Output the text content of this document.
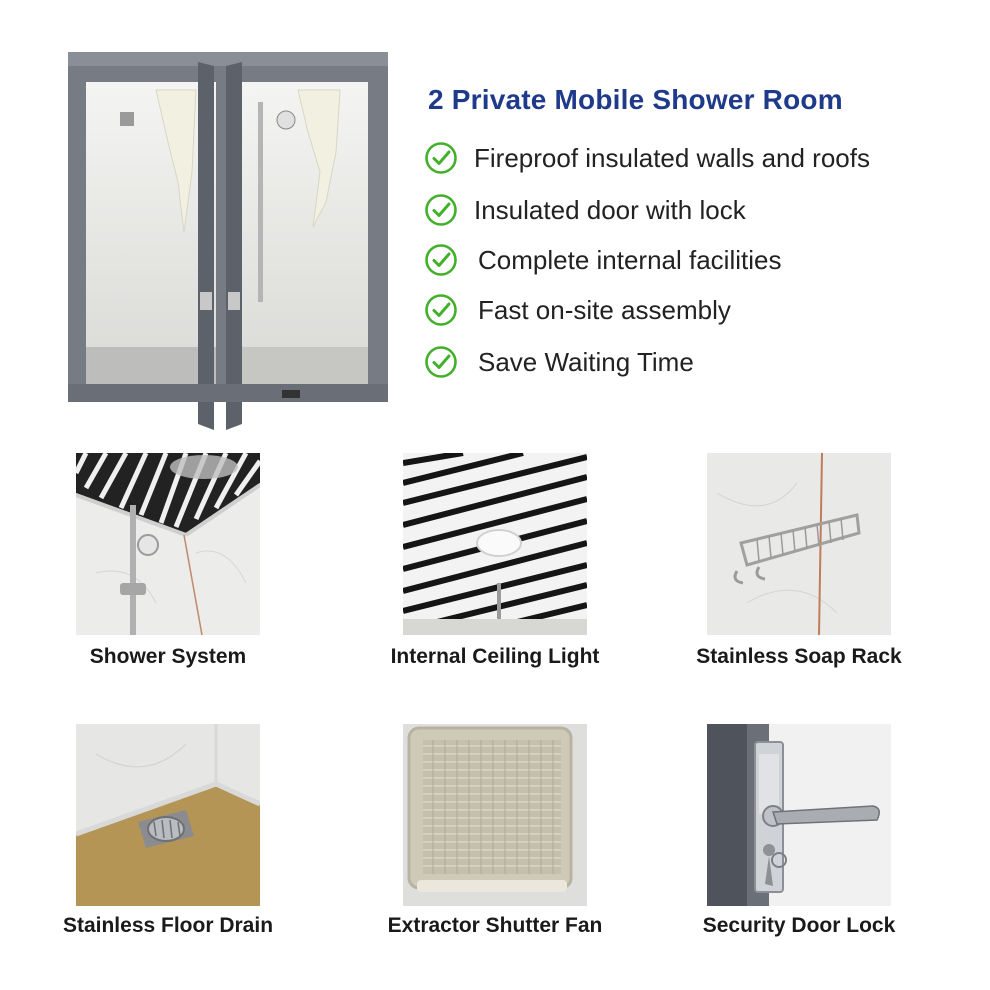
2 Private Mobile Shower Room
Fireproof insulated walls and roofs
Insulated door with lock
Complete internal facilities
Fast on-site assembly
Save Waiting Time
Shower System	Internal Ceiling Light	Stainless Soap Rack
Stainless Floor Drain	Extractor Shutter Fan	Security Door Lock
